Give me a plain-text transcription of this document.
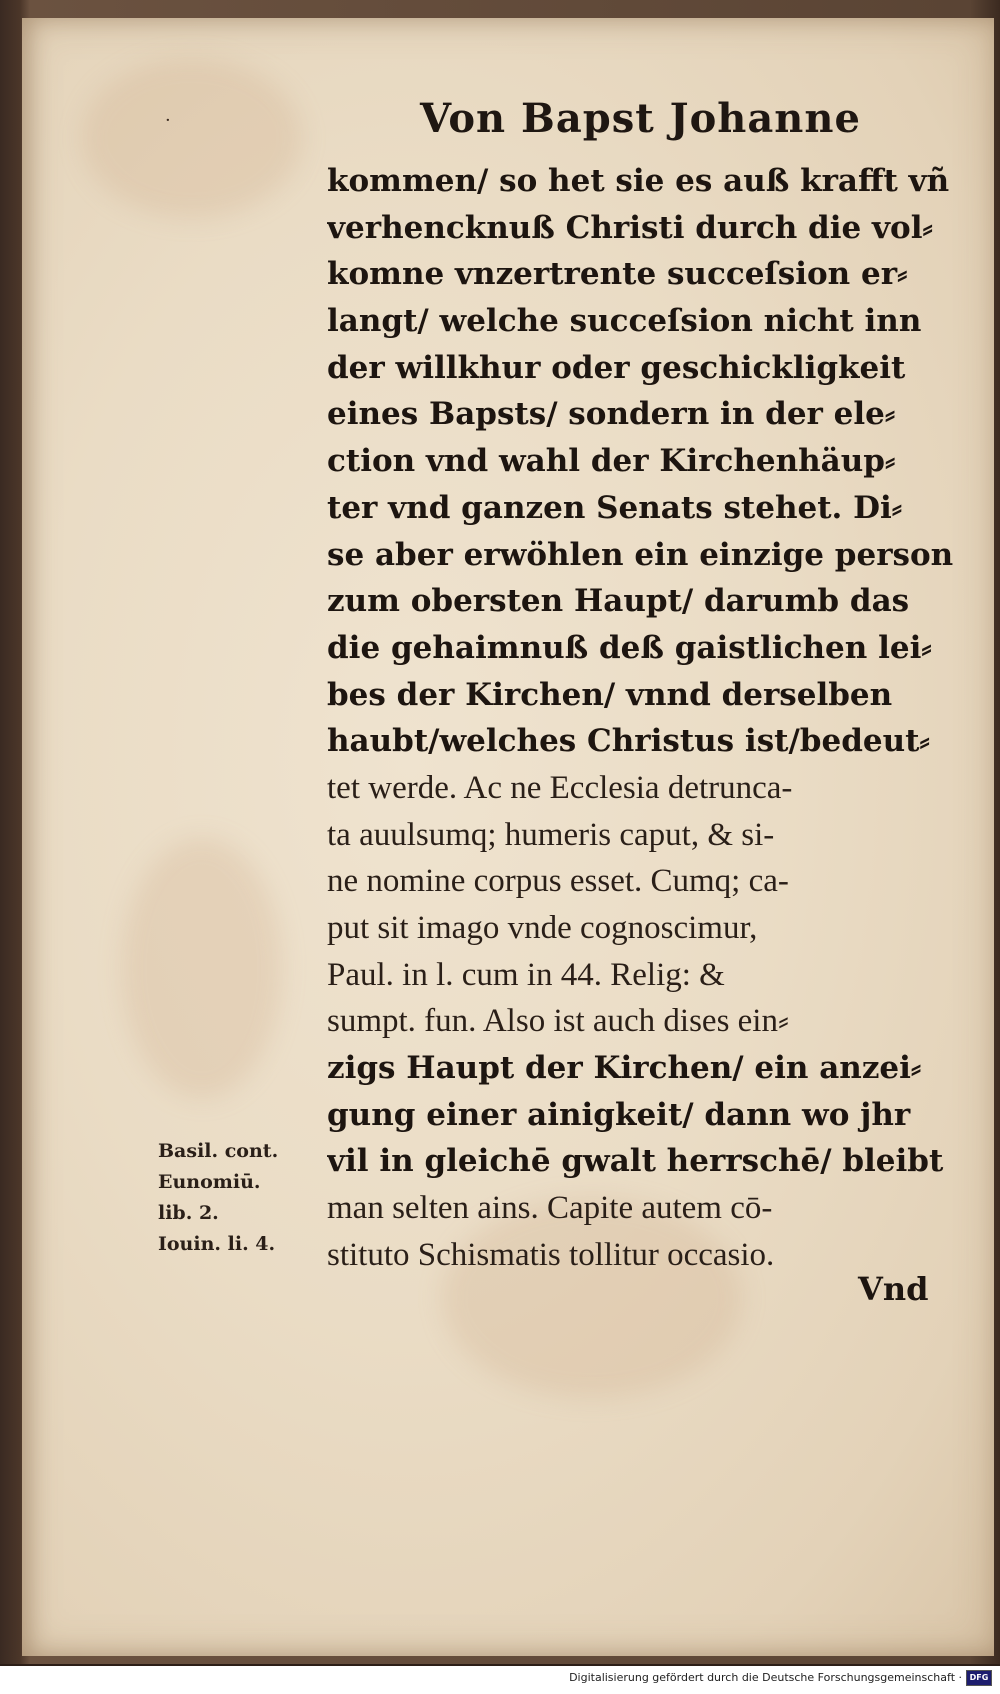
·	Von Bapst Johanne
kommen/ so het sie es auß krafft vñ
verhencknuß Christi durch die vol⸗
komne vnzertrente succeſsion er⸗
langt/ welche succeſsion nicht inn
der willkhur oder geschickligkeit
eines Bapsts/ sondern in der ele⸗
ction vnd wahl der Kirchenhäup⸗
ter vnd ganzen Senats stehet. Di⸗
se aber erwöhlen ein einzige person
zum obersten Haupt/ darumb das
die gehaimnuß deß gaistlichen lei⸗
bes der Kirchen/ vnnd derselben
haubt/welches Christus ist/bedeut⸗
tet werde. Ac ne Ecclesia detrunca-
ta auulsumq; humeris caput, & si-
ne nomine corpus esset. Cumq; ca-
put sit imago vnde cognoscimur,
Paul. in l. cum in 44. Relig: &
sumpt. fun. Also ist auch dises ein⸗
zigs Haupt der Kirchen/ ein anzei⸗
gung einer ainigkeit/ dann wo jhr
vil in gleichē gwalt herrschē/ bleibt
man selten ains. Capite autem cō-
stituto Schismatis tollitur occasio.
Basil. cont.
Eunomiū.
lib. 2.
Iouin. li. 4.
Vnd
Digitalisierung gefördert durch die Deutsche Forschungsgemeinschaft · DFG
